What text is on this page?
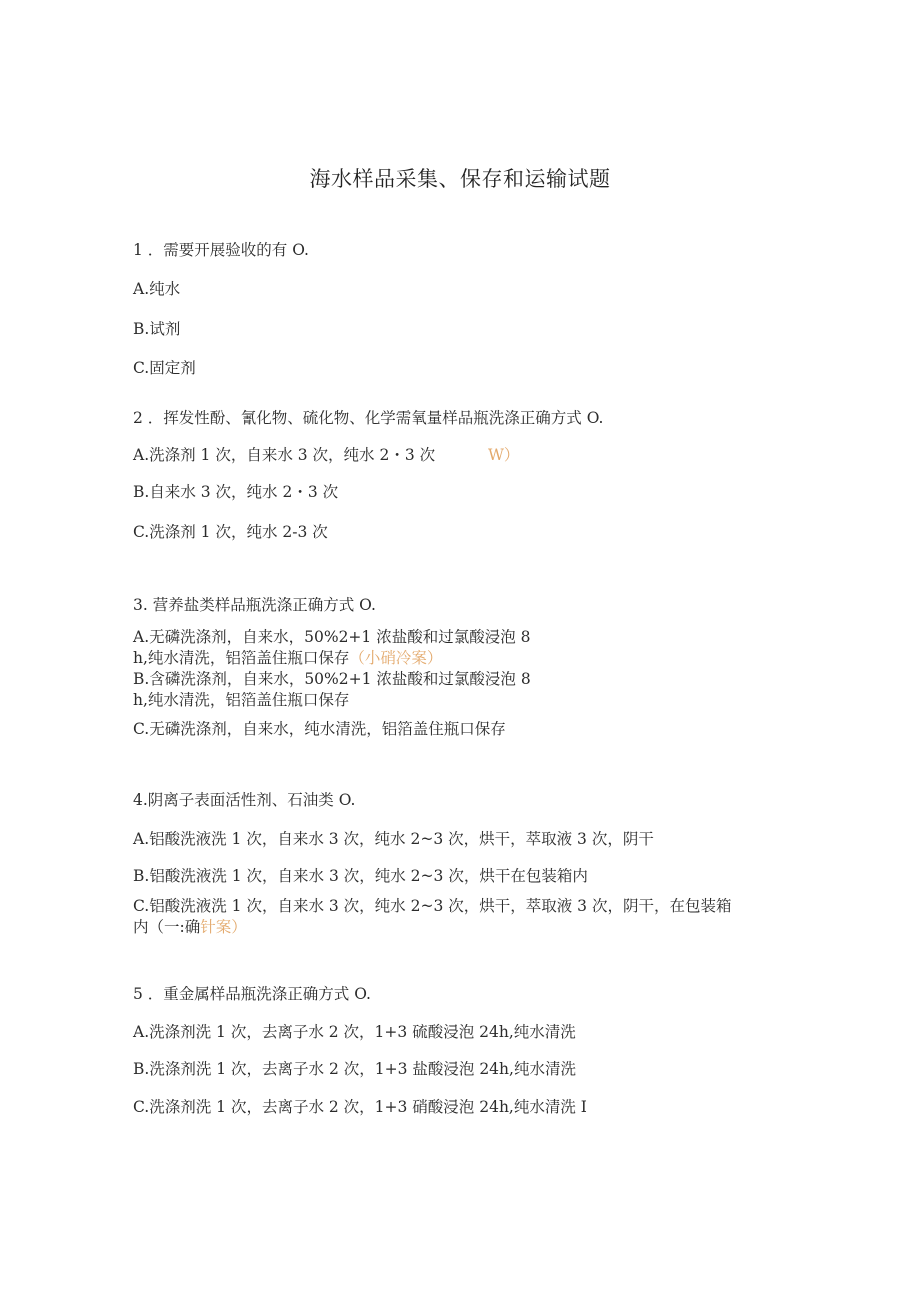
海水样品采集、保存和运输试题
1 ．需要开展验收的有 O.
A.纯水
B.试剂
C.固定剂
2 ．挥发性酚、氰化物、硫化物、化学需氧量样品瓶洗涤正确方式 O.
A.洗涤剂 1 次，自来水 3 次，纯水 2・3 次	W）
B.自来水 3 次，纯水 2・3 次
C.洗涤剂 1 次，纯水 2-3 次
3. 营养盐类样品瓶洗涤正确方式 O.
A.无磷洗涤剂，自来水，50%2+1 浓盐酸和过氯酸浸泡 8
h,纯水清洗，铝箔盖住瓶口保存（小硝冷案）
B.含磷洗涤剂，自来水，50%2+1 浓盐酸和过氯酸浸泡 8
h,纯水清洗，铝箔盖住瓶口保存
C.无磷洗涤剂，自来水，纯水清洗，铝箔盖住瓶口保存
4.阴离子表面活性剂、石油类 O.
A.铝酸洗液洗 1 次，自来水 3 次，纯水 2~3 次，烘干，萃取液 3 次，阴干
B.铝酸洗液洗 1 次，自来水 3 次，纯水 2~3 次，烘干在包装箱内
C.铝酸洗液洗 1 次，自来水 3 次，纯水 2~3 次，烘干，萃取液 3 次，阴干，在包装箱
内（一:确针案）
5 ．重金属样品瓶洗涤正确方式 O.
A.洗涤剂洗 1 次，去离子水 2 次，1+3 硫酸浸泡 24h,纯水清洗
B.洗涤剂洗 1 次，去离子水 2 次，1+3 盐酸浸泡 24h,纯水清洗
C.洗涤剂洗 1 次，去离子水 2 次，1+3 硝酸浸泡 24h,纯水清洗 I
